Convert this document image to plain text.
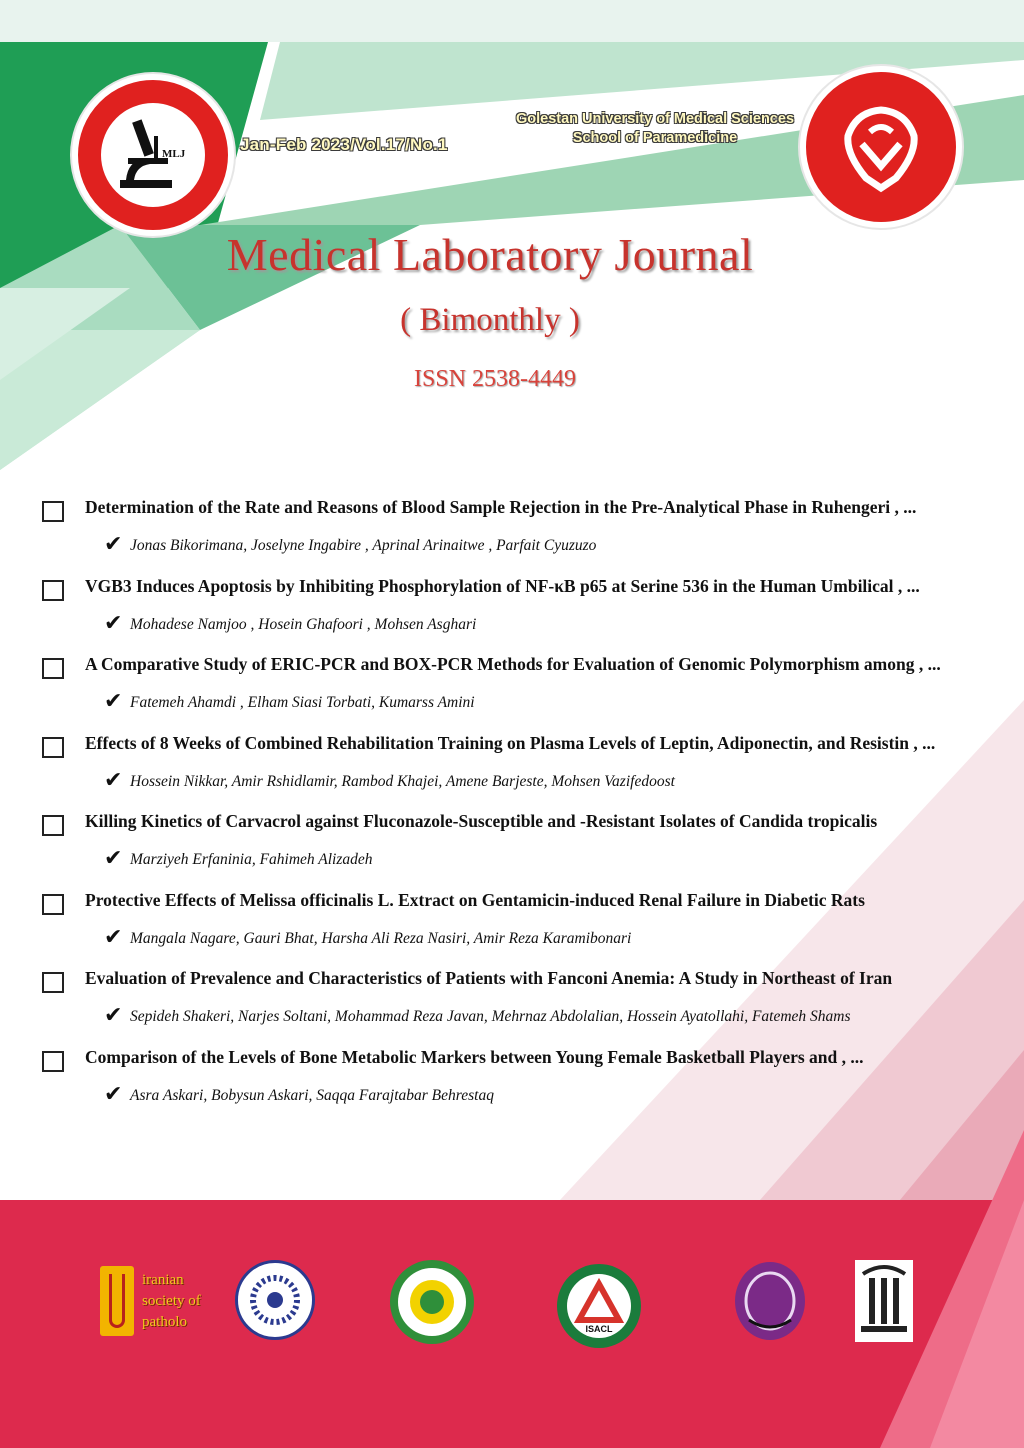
MLJ	Jan-Feb 2023/Vol.17/No.1
Golestan University of Medical Sciences
School of Paramedicine
Medical Laboratory Journal
( Bimonthly )
ISSN 2538-4449
Determination of the Rate and Reasons of Blood Sample Rejection in the Pre-Analytical Phase in Ruhengeri , ...
✔ Jonas Bikorimana, Joselyne Ingabire , Aprinal Arinaitwe , Parfait Cyuzuzo
VGB3 Induces Apoptosis by Inhibiting Phosphorylation of NF-κB p65 at Serine 536 in the Human Umbilical , ...
✔ Mohadese Namjoo , Hosein Ghafoori , Mohsen Asghari
A Comparative Study of ERIC-PCR and BOX-PCR Methods for Evaluation of Genomic Polymorphism among , ...
✔ Fatemeh Ahamdi , Elham Siasi Torbati, Kumarss Amini
Effects of 8 Weeks of Combined Rehabilitation Training on Plasma Levels of Leptin, Adiponectin, and Resistin , ...
✔ Hossein Nikkar, Amir Rshidlamir, Rambod Khajei, Amene Barjeste, Mohsen Vazifedoost
Killing Kinetics of Carvacrol against Fluconazole-Susceptible and -Resistant Isolates of Candida tropicalis
✔ Marziyeh Erfaninia, Fahimeh Alizadeh
Protective Effects of Melissa officinalis L. Extract on Gentamicin-induced Renal Failure in Diabetic Rats
✔ Mangala Nagare, Gauri Bhat, Harsha Ali Reza Nasiri, Amir Reza Karamibonari
Evaluation of Prevalence and Characteristics of Patients with Fanconi Anemia: A Study in Northeast of Iran
✔ Sepideh Shakeri, Narjes Soltani, Mohammad Reza Javan, Mehrnaz Abdolalian, Hossein Ayatollahi, Fatemeh Shams
Comparison of the Levels of Bone Metabolic Markers between Young Female Basketball Players and , ...
✔ Asra Askari, Bobysun Askari, Saqqa Farajtabar Behrestaq
iranian
society of
patholo	ISACL
